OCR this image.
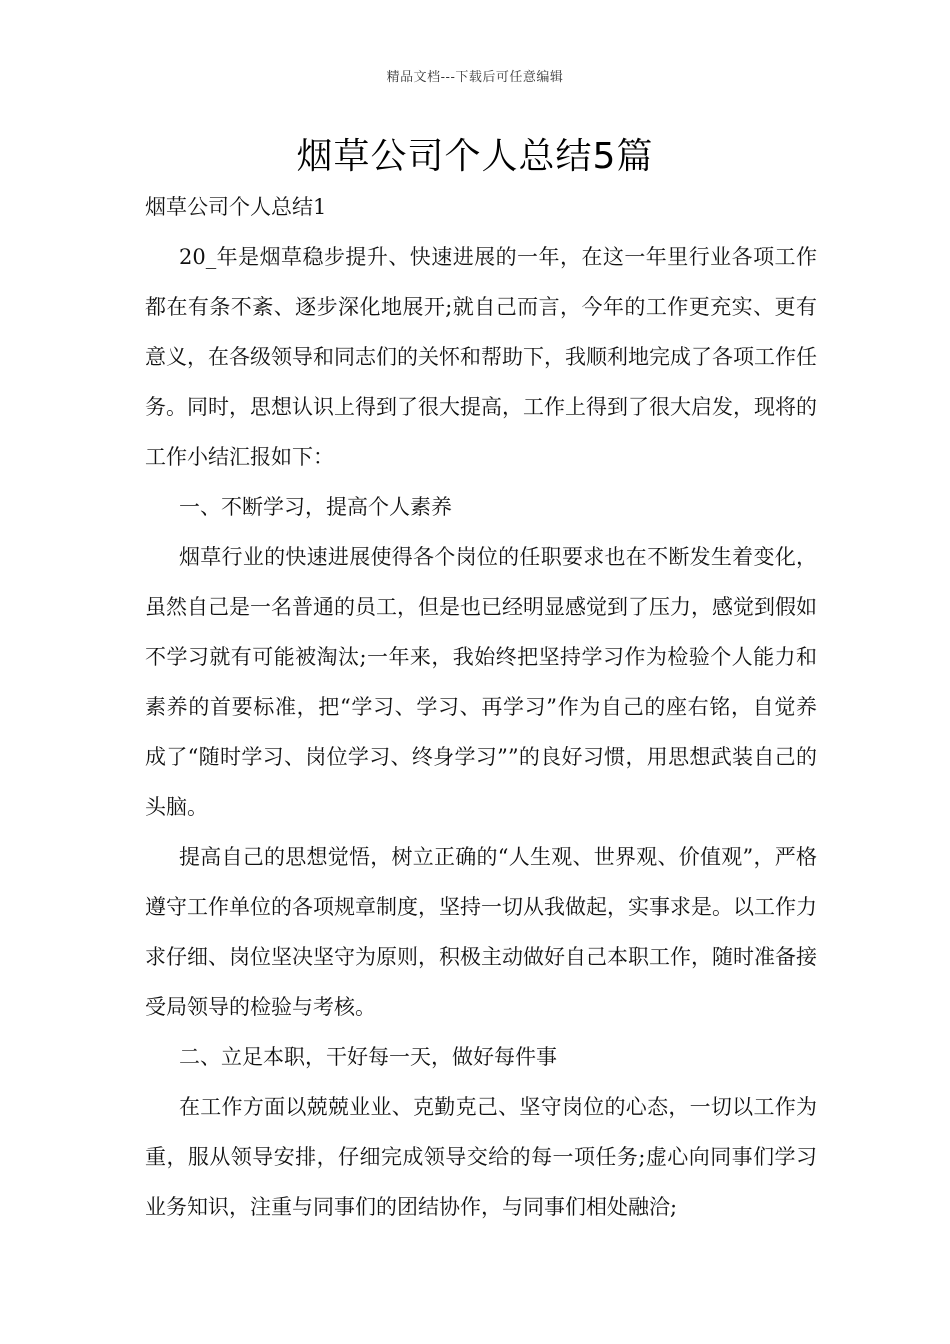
精品文档---下载后可任意编辑
烟草公司个人总结5篇

烟草公司个人总结1

20_年是烟草稳步提升、快速进展的一年，在这一年里行业各项工作都在有条不紊、逐步深化地展开;就自己而言，今年的工作更充实、更有意义，在各级领导和同志们的关怀和帮助下，我顺利地完成了各项工作任务。同时，思想认识上得到了很大提高，工作上得到了很大启发，现将的工作小结汇报如下：

一、不断学习，提高个人素养

烟草行业的快速进展使得各个岗位的任职要求也在不断发生着变化，虽然自己是一名普通的员工，但是也已经明显感觉到了压力，感觉到假如不学习就有可能被淘汰;一年来，我始终把坚持学习作为检验个人能力和素养的首要标准，把“学习、学习、再学习”作为自己的座右铭，自觉养成了“随时学习、岗位学习、终身学习””的良好习惯，用思想武装自己的头脑。

提高自己的思想觉悟，树立正确的“人生观、世界观、价值观”，严格遵守工作单位的各项规章制度，坚持一切从我做起，实事求是。以工作力求仔细、岗位坚决坚守为原则，积极主动做好自己本职工作，随时准备接受局领导的检验与考核。

二、立足本职，干好每一天，做好每件事

在工作方面以兢兢业业、克勤克己、坚守岗位的心态，一切以工作为重，服从领导安排，仔细完成领导交给的每一项任务;虚心向同事们学习业务知识，注重与同事们的团结协作，与同事们相处融洽;
